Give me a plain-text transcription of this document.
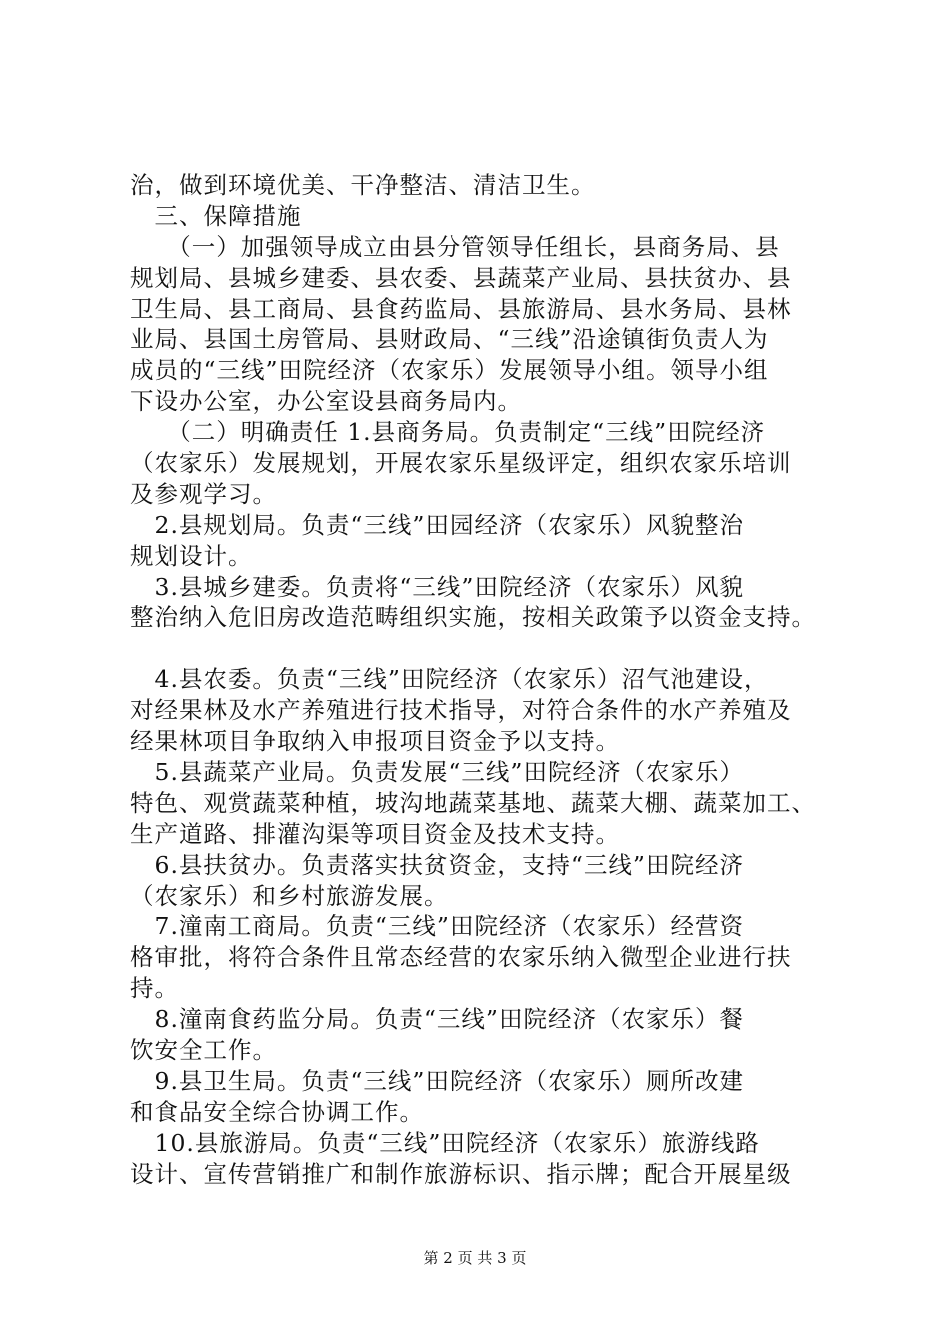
治，做到环境优美、干净整洁、清洁卫生。
　三、保障措施
　　（一）加强领导成立由县分管领导任组长，县商务局、县
规划局、县城乡建委、县农委、县蔬菜产业局、县扶贫办、县
卫生局、县工商局、县食药监局、县旅游局、县水务局、县林
业局、县国土房管局、县财政局、“三线”沿途镇街负责人为
成员的“三线”田院经济（农家乐）发展领导小组。领导小组
下设办公室，办公室设县商务局内。
　　（二）明确责任 1.县商务局。负责制定“三线”田院经济
（农家乐）发展规划，开展农家乐星级评定，组织农家乐培训
及参观学习。
　2.县规划局。负责“三线”田园经济（农家乐）风貌整治
规划设计。
　3.县城乡建委。负责将“三线”田院经济（农家乐）风貌
整治纳入危旧房改造范畴组织实施，按相关政策予以资金支持。
　4.县农委。负责“三线”田院经济（农家乐）沼气池建设，
对经果林及水产养殖进行技术指导，对符合条件的水产养殖及
经果林项目争取纳入申报项目资金予以支持。
　5.县蔬菜产业局。负责发展“三线”田院经济（农家乐）
特色、观赏蔬菜种植，坡沟地蔬菜基地、蔬菜大棚、蔬菜加工、
生产道路、排灌沟渠等项目资金及技术支持。
　6.县扶贫办。负责落实扶贫资金，支持“三线”田院经济
（农家乐）和乡村旅游发展。
　7.潼南工商局。负责“三线”田院经济（农家乐）经营资
格审批，将符合条件且常态经营的农家乐纳入微型企业进行扶
持。
　8.潼南食药监分局。负责“三线”田院经济（农家乐）餐
饮安全工作。
　9.县卫生局。负责“三线”田院经济（农家乐）厕所改建
和食品安全综合协调工作。
　10.县旅游局。负责“三线”田院经济（农家乐）旅游线路
设计、宣传营销推广和制作旅游标识、指示牌；配合开展星级
第 2 页 共 3 页
